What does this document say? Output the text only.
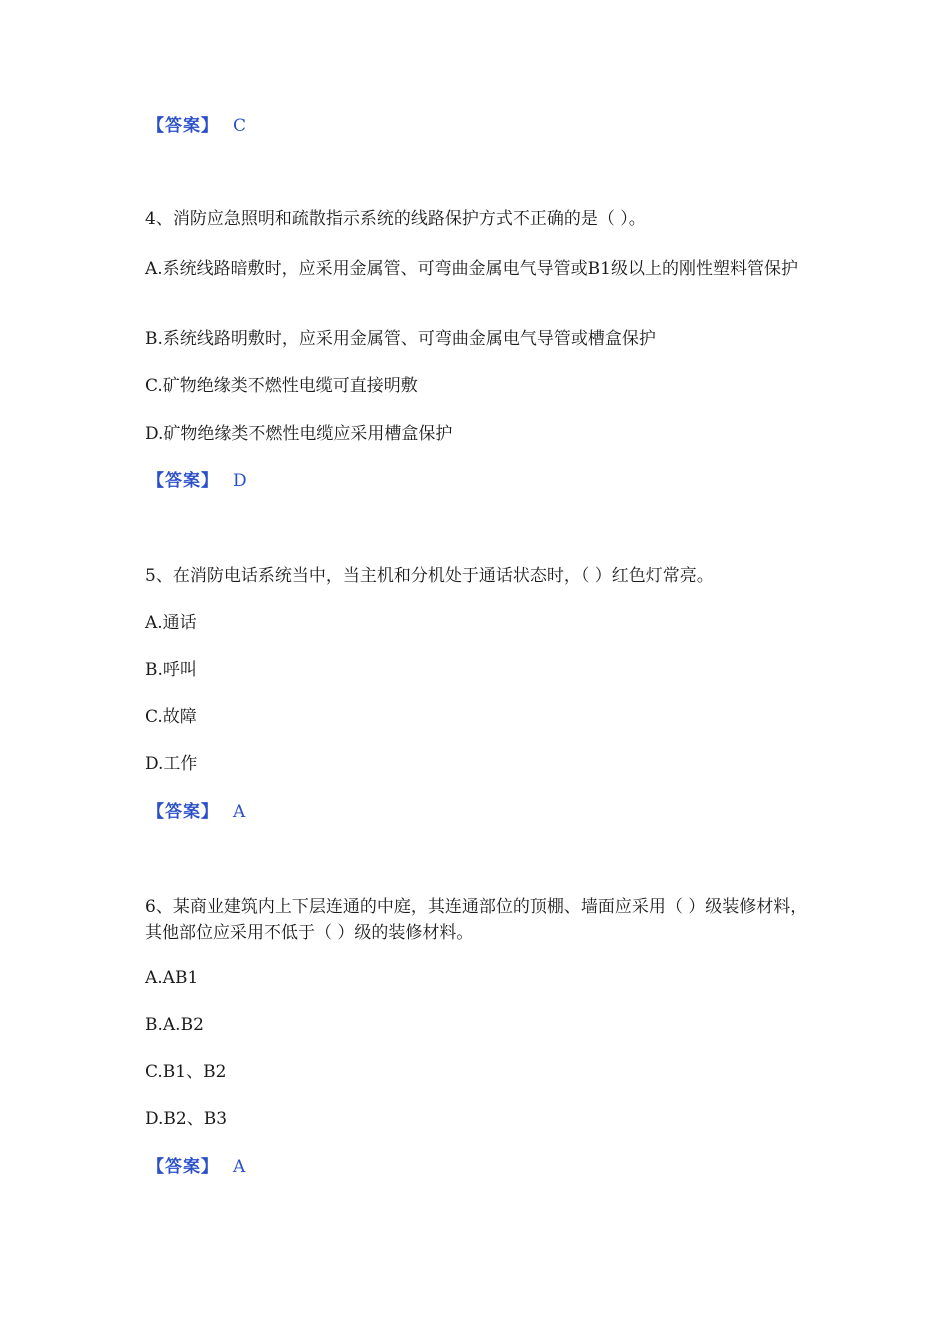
【答案】 C
4、消防应急照明和疏散指示系统的线路保护方式不正确的是（ ）。
A.系统线路暗敷时，应采用金属管、可弯曲金属电气导管或B1级以上的刚性塑料管保护
B.系统线路明敷时，应采用金属管、可弯曲金属电气导管或槽盒保护
C.矿物绝缘类不燃性电缆可直接明敷
D.矿物绝缘类不燃性电缆应采用槽盒保护
【答案】 D
5、在消防电话系统当中，当主机和分机处于通话状态时，（ ）红色灯常亮。
A.通话
B.呼叫
C.故障
D.工作
【答案】 A
6、某商业建筑内上下层连通的中庭，其连通部位的顶棚、墙面应采用（ ）级装修材料，其他部位应采用不低于（ ）级的装修材料。
A.AB1
B.A.B2
C.B1、B2
D.B2、B3
【答案】 A
